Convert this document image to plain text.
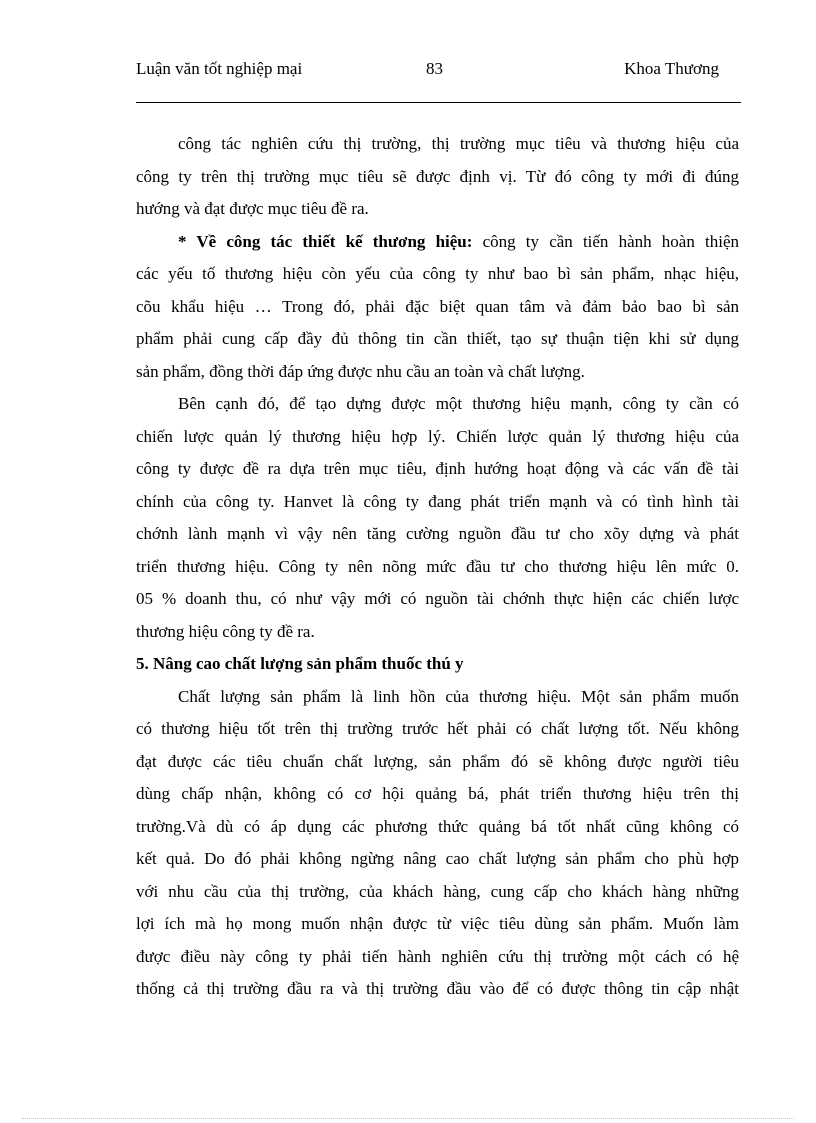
Luận văn tốt nghiệp mại	83	Khoa Thương

công tác nghiên cứu thị trường, thị trường mục tiêu và thương hiệu của

công ty trên thị trường mục tiêu sẽ được định vị. Từ đó công ty mới đi đúng

hướng và đạt được mục tiêu đề ra.

* Về công tác thiết kế thương hiệu: công ty cần tiến hành hoàn thiện

các yếu tố thương hiệu còn yếu của công ty như bao bì sản phẩm, nhạc hiệu,

cõu khẩu hiệu … Trong đó, phải đặc biệt quan tâm và đảm bảo bao bì sản

phẩm phải cung cấp đầy đủ thông tin cần thiết, tạo sự thuận tiện khi sử dụng

sản phẩm, đồng thời đáp ứng được nhu cầu an toàn và chất lượng.

Bên cạnh đó, để tạo dựng được một thương hiệu mạnh, công ty cần có

chiến lược quản lý thương hiệu hợp lý. Chiến lược quản lý thương hiệu của

công ty được đề ra dựa trên mục tiêu, định hướng hoạt động và các vấn đề tài

chính của công ty. Hanvet là công ty đang phát triển mạnh và có tình hình tài

chớnh lành mạnh vì vậy nên tăng cường nguồn đầu tư cho xõy dựng và phát

triển thương hiệu. Công ty nên nõng mức đầu tư cho thương hiệu lên mức 0.

05 % doanh thu, có như vậy mới có nguồn tài chớnh thực hiện các chiến lược

thương hiệu công ty đề ra.

5. Nâng cao chất lượng sản phẩm thuốc thú y

Chất lượng sản phẩm là linh hồn của thương hiệu. Một sản phẩm muốn

có thương hiệu tốt trên thị trường trước hết phải có chất lượng tốt. Nếu không

đạt được các tiêu chuẩn chất lượng, sản phẩm đó sẽ không được người tiêu

dùng chấp nhận, không có cơ hội quảng bá, phát triển thương hiệu trên thị

trường.Và dù có áp dụng các phương thức quảng bá tốt nhất cũng không có

kết quả. Do đó phải không ngừng nâng cao chất lượng sản phẩm cho phù hợp

với nhu cầu của thị trường, của khách hàng, cung cấp cho khách hàng những

lợi ích mà họ mong muốn nhận được từ việc tiêu dùng sản phẩm. Muốn làm

được điều này công ty phải tiến hành nghiên cứu thị trường một cách có hệ

thống cả thị trường đầu ra và thị trường đầu vào để có được thông tin cập nhật
